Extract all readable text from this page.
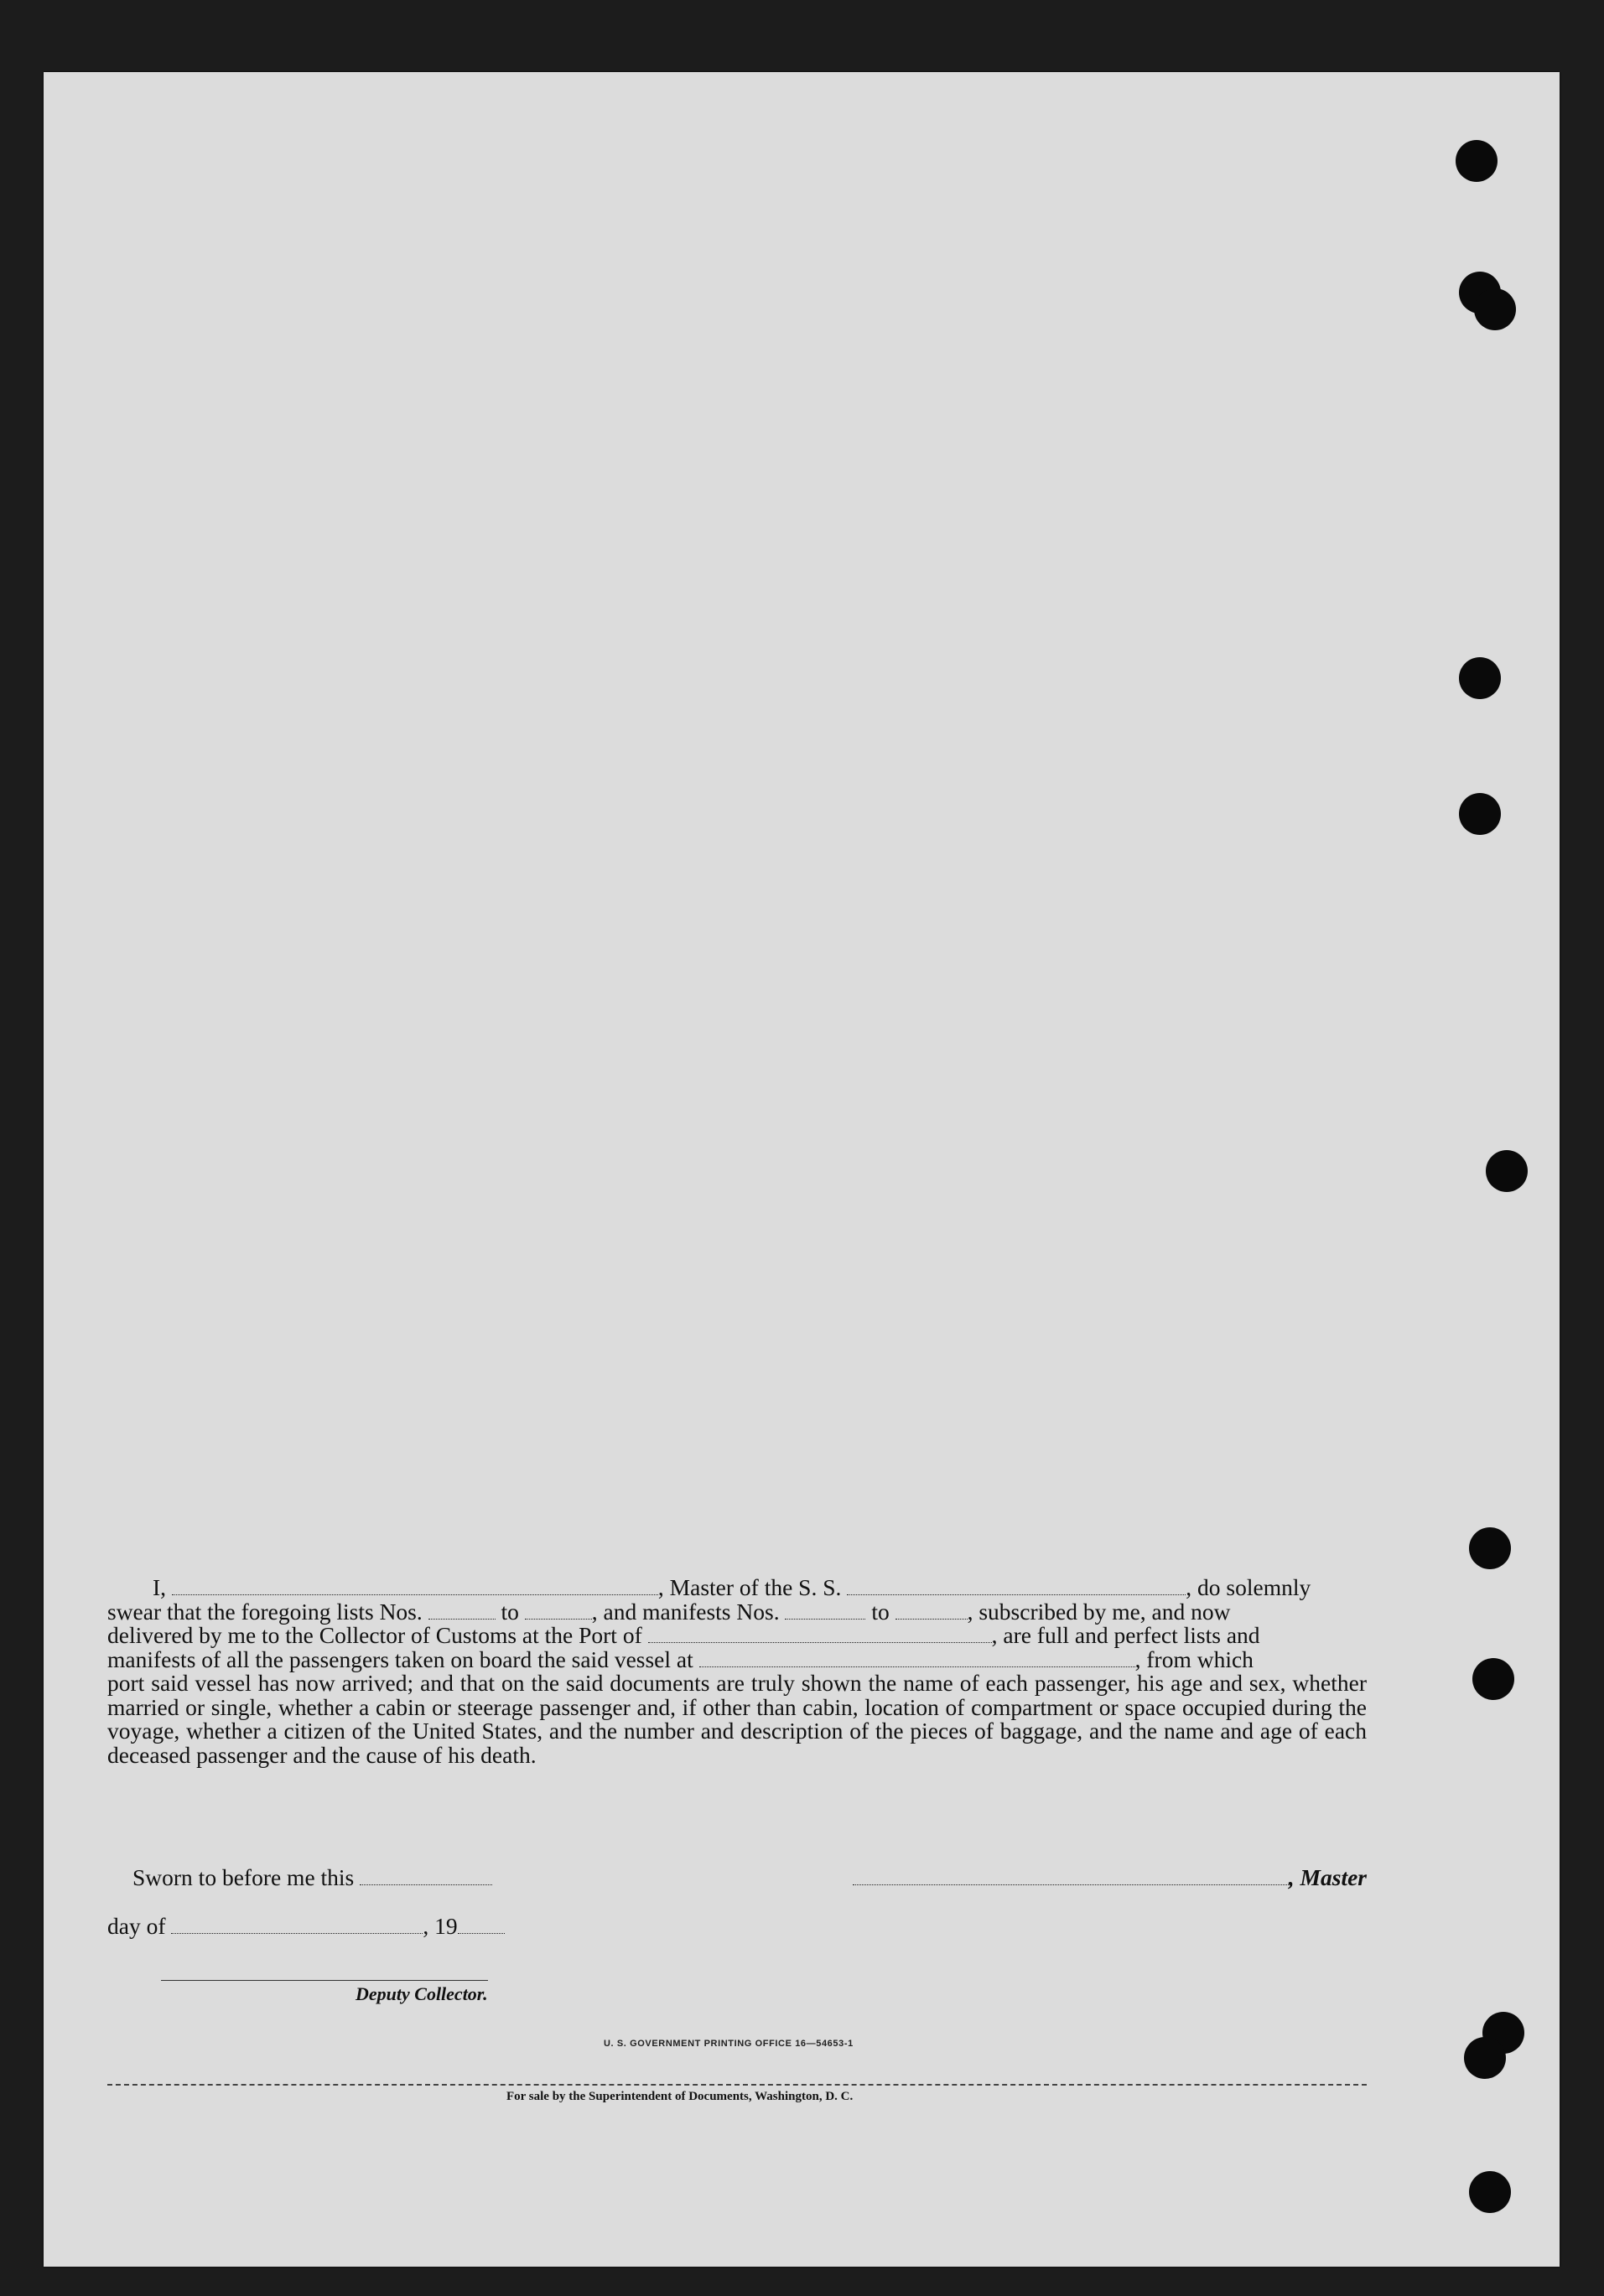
I,	, Master of the S. S.	, do solemnly

swear that the foregoing lists Nos.	to	, and manifests Nos.	to	, subscribed by me, and now
delivered by me to the Collector of Customs at the Port of	, are full and perfect lists and
manifests of all the passengers taken on board the said vessel at	, from which
port said vessel has now arrived; and that on the said documents are truly shown the name of each passenger, his age and sex, whether married or single, whether a cabin or steerage passenger and, if other than cabin, location of compartment or space occupied during the voyage, whether a citizen of the United States, and the number and description of the pieces of baggage, and the name and age of each deceased passenger and the cause of his death.
Sworn to before me this	, Master
day of	, 19
Deputy Collector.
U. S. GOVERNMENT PRINTING OFFICE 16—54653-1
For sale by the Superintendent of Documents, Washington, D. C.
